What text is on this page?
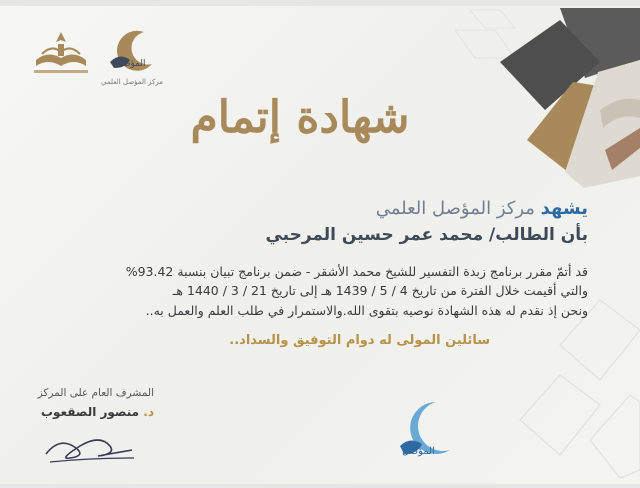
المؤصل
مركز المؤصل العلمي
شهادة إتمام
يشهد مركز المؤصل العلمي
بأن الطالب/ محمد عمر حسين المرحبي
قد أتمّ مقرر برنامج زبدة التفسير للشيخ محمد الأشقر - ضمن برنامج تبيان بنسبة 93.42%
والتي أقيمت خلال الفترة من تاريخ 4 / 5 / 1439 هـ إلى تاريخ 21 / 3 / 1440 هـ
ونحن إذ نقدم له هذه الشهادة نوصيه بتقوى الله.والاستمرار في طلب العلم والعمل به..
سائلين المولى له دوام التوفيق والسداد..
المشرف العام على المركز
د. منصور الصقعوب
المؤصل
